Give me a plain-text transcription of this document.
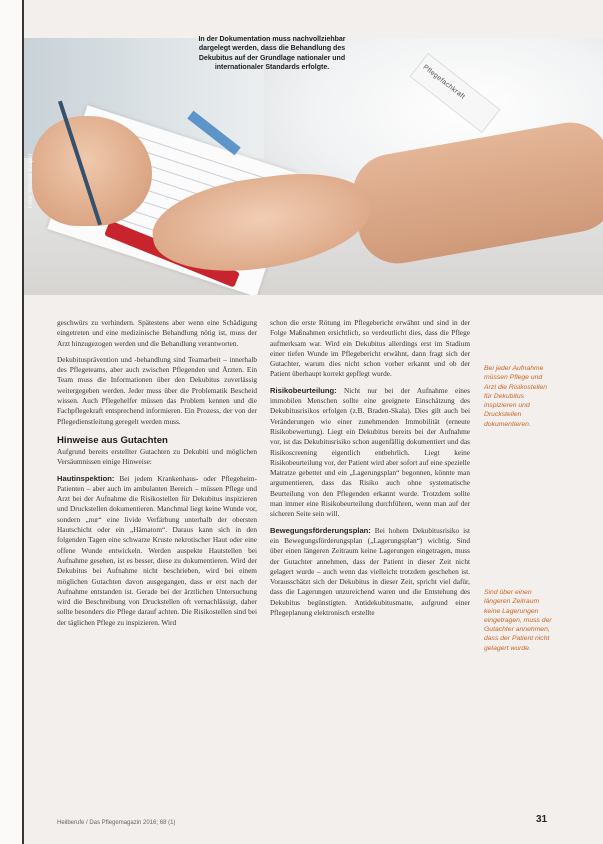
Pflegefachkraft
Foto: Werner Krüper
In der Dokumentation muss nachvollziehbar dargelegt werden, dass die Behandlung des Dekubitus auf der Grundlage nationaler und internationaler Standards erfolgte.

geschwürs zu verhindern. Spätestens aber wenn eine Schädigung eingetreten und eine medizinische Behandlung nötig ist, muss der Arzt hinzugezogen werden und die Behandlung verantworten.

Dekubitusprävention und -behandlung sind Teamarbeit – innerhalb des Pflegeteams, aber auch zwischen Pflegenden und Ärzten. Ein Team muss die Informationen über den Dekubitus zuverlässig weitergegeben werden. Jeder muss über die Problematik Bescheid wissen. Auch Pflegehelfer müssen das Problem kennen und die Fachpflegekraft entsprechend informieren. Ein Prozess, der von der Pflegedienstleitung geregelt werden muss.

Hinweise aus Gutachten

Aufgrund bereits erstellter Gutachten zu Dekubiti und möglichen Versäumnissen einige Hinweise:

Hautinspektion: Bei jedem Krankenhaus- oder Pflegeheim-Patienten – aber auch im ambulanten Bereich – müssen Pflege und Arzt bei der Aufnahme die Risikostellen für Dekubitus inspizieren und Druckstellen dokumentieren. Manchmal liegt keine Wunde vor, sondern „nur“ eine livide Verfärbung unterhalb der obersten Hautschicht oder ein „Hämatom“. Daraus kann sich in den folgenden Tagen eine schwarze Kruste nekrotischer Haut oder eine offene Wunde entwickeln. Werden auspekte Hautstellen bei Aufnahme gesehen, ist es besser, diese zu dokumentieren. Wird der Dekubitus bei Aufnahme nicht beschrieben, wird bei einem möglichen Gutachten davon ausgegangen, dass er erst nach der Aufnahme entstanden ist. Gerade bei der ärztlichen Untersuchung wird die Beschreibung von Druckstellen oft vernachlässigt, daher sollte besonders die Pflege darauf achten. Die Risikostellen sind bei der täglichen Pflege zu inspizieren. Wird

schon die erste Rötung im Pflegebericht erwähnt und sind in der Folge Maßnahmen ersichtlich, so verdeutlicht dies, dass die Pflege aufmerksam war. Wird ein Dekubitus allerdings erst im Stadium einer tiefen Wunde im Pflegebericht erwähnt, dann fragt sich der Gutachter, warum dies nicht schon vorher erkannt und ob der Patient überhaupt korrekt gepflegt wurde.

Risikobeurteilung: Nicht nur bei der Aufnahme eines immobilen Menschen sollte eine geeignete Einschätzung des Dekubitusrisikos erfolgen (z.B. Braden-Skala). Dies gilt auch bei Veränderungen wie einer zunehmenden Immobilität (erneute Risikobewertung). Liegt ein Dekubitus bereits bei der Aufnahme vor, ist das Dekubitusrisiko schon augenfällig dokumentiert und das Risikoscreening eigentlich entbehrlich. Liegt keine Risikobeurteilung vor, der Patient wird aber sofort auf eine spezielle Matratze gebettet und ein „Lagerungsplan“ begonnen, könnte man argumentieren, dass das Risiko auch ohne systematische Beurteilung von den Pflegenden erkannt wurde. Trotzdem sollte man immer eine Risikobeurteilung durchführen, wenn man auf der sicheren Seite sein will.

Bewegungsförderungsplan: Bei hohem Dekubitusrisiko ist ein Bewegungsförderungsplan („Lagerungsplan“) wichtig. Sind über einen längeren Zeitraum keine Lagerungen eingetragen, muss der Gutachter annehmen, dass der Patient in dieser Zeit nicht gelagert wurde – auch wenn das vielleicht trotzdem geschehen ist. Vorausschätzt sich der Dekubitus in dieser Zeit, spricht viel dafür, dass die Lagerungen unzureichend waren und die Entstehung des Dekubitus begünstigten. Antidekubitusmatte, aufgrund einer Pflegeplanung elektronisch erstellte

Bei jeder Aufnahme müssen Pflege und Arzt die Risikostellen für Dekubitus inspizieren und Druckstellen dokumentieren.
Sind über einen längeren Zeitraum keine Lagerungen eingetragen, muss der Gutachter annehmen, dass der Patient nicht gelagert wurde.
Heilberufe / Das Pflegemagazin 2016; 68 (1)	31
